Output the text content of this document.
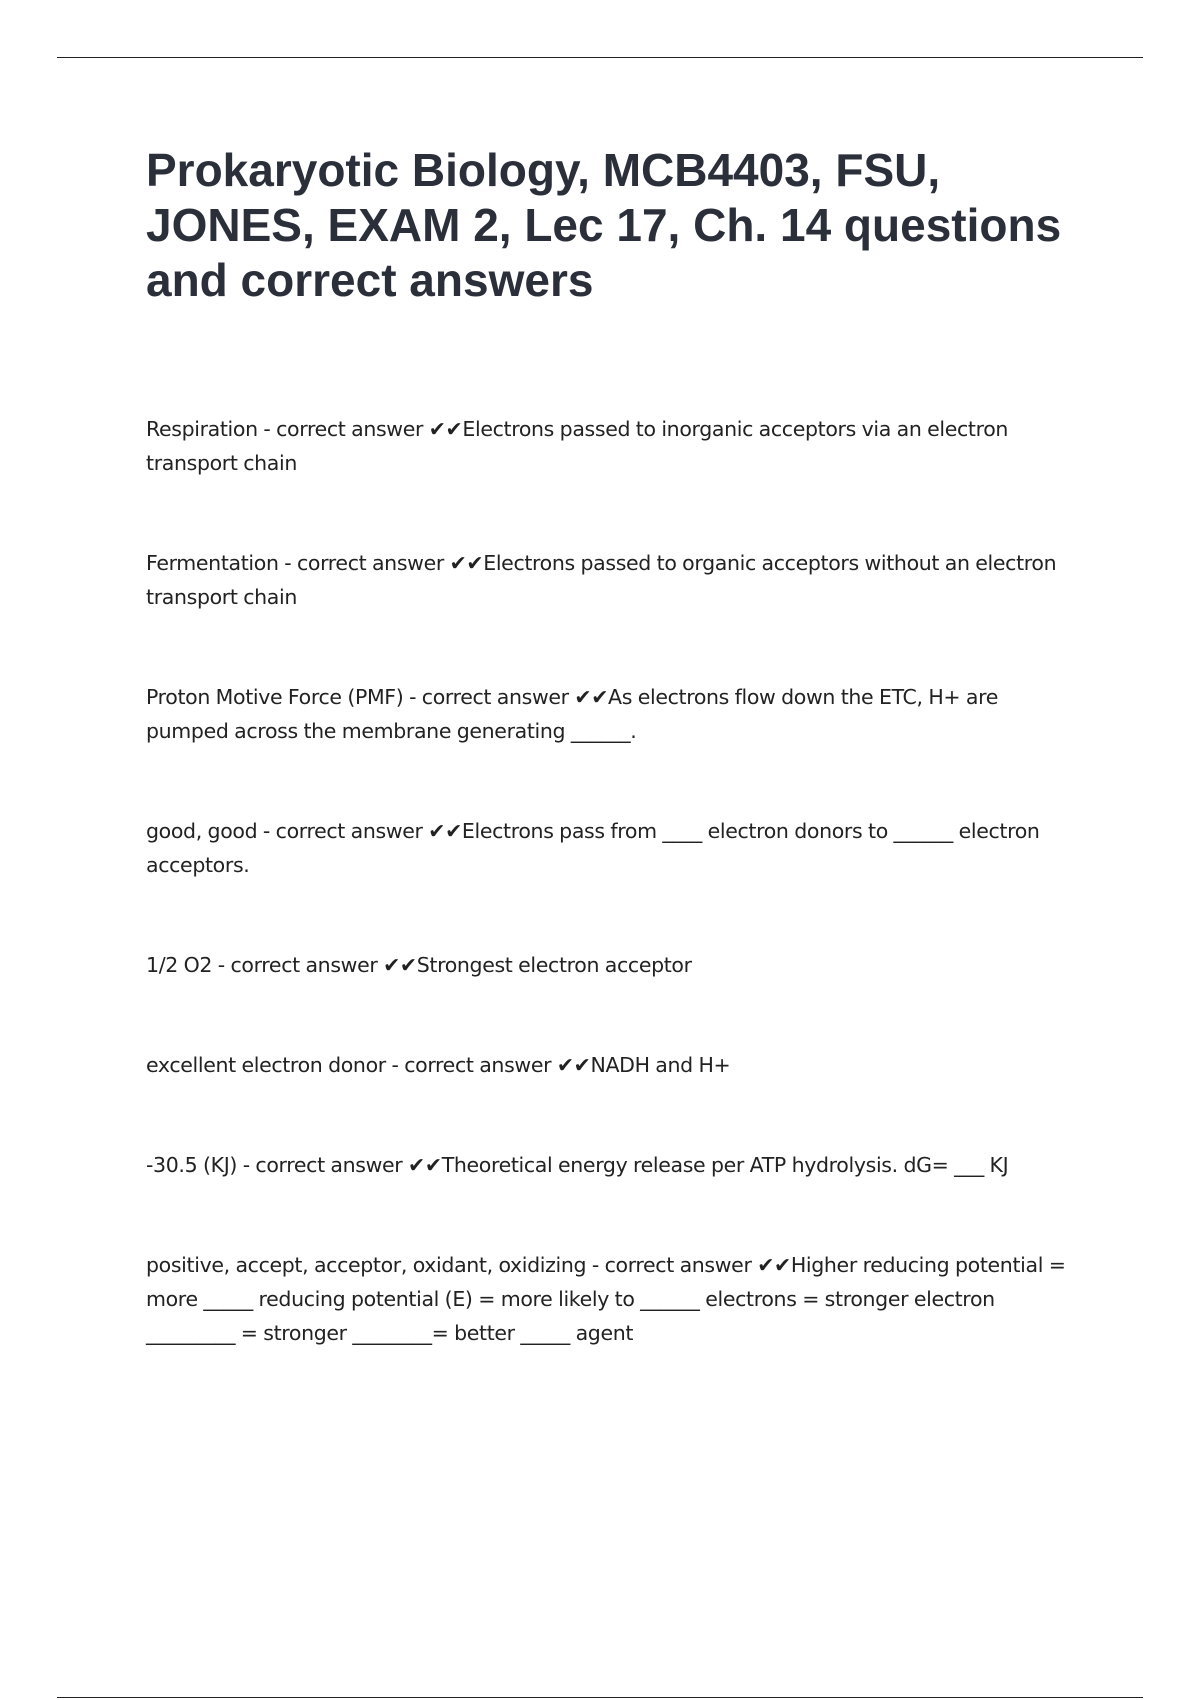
Prokaryotic Biology, MCB4403, FSU, JONES, EXAM 2, Lec 17, Ch. 14 questions and correct answers
Respiration - correct answer ✔✔Electrons passed to inorganic acceptors via an electron transport chain
Fermentation - correct answer ✔✔Electrons passed to organic acceptors without an electron transport chain
Proton Motive Force (PMF) - correct answer ✔✔As electrons flow down the ETC, H+ are pumped across the membrane generating ______.
good, good - correct answer ✔✔Electrons pass from ____ electron donors to ______ electron acceptors.
1/2 O2 - correct answer ✔✔Strongest electron acceptor
excellent electron donor - correct answer ✔✔NADH and H+
-30.5 (KJ) - correct answer ✔✔Theoretical energy release per ATP hydrolysis. dG= ___ KJ
positive, accept, acceptor, oxidant, oxidizing - correct answer ✔✔Higher reducing potential = more _____ reducing potential (E) = more likely to ______ electrons = stronger electron _________ = stronger ________= better _____ agent
